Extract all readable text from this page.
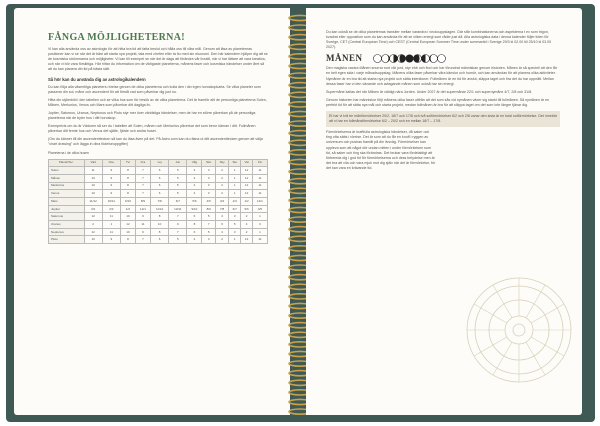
FÅNGA MÖJLIGHETERNA!
Vi kan alla använda oss av astrologin för att hitta bra tid att fatta beslut och hålla oss till våra mål. Genom att läsa av planeternas positioner kan vi se när det är bäst att starta nya projekt, tala med chefen eller ta itu med sin ekonomi. Den här kalendern hjälper dig att se de kosmiska strömmarna och möjligheter. Vi kan till exempel se när det är dags att förändra vår livsstil, när vi har lättare att vara kreativa, och när vi bör vara försiktiga. Här hittar du information om de viktigaste planeterna, månens faser och kosmiska händelser under året så att du kan planera din tid på bästa sätt.
Så hör kan du använda dig av astrologikalendern
Du kan följa alla väsentliga planeters rörelse genom de olika planeterna och kolla den i din egen horoskopkarta. Se vilka planeter som passerar din sol, måne och ascendent för att förstå vad som påverkar dig just nu.
Hitta din stjärnbild i den tabellen och se vilka hus som för besök av de olika planeterna. Det är framför allt de personliga planeterna Solen, Månen, Merkurius, Venus och Mars som påverkar ditt dagliga liv.
Jupiter, Saturnus, Uranus, Neptunus och Pluto styr mer över världsliga händelser, men de har en större påverkan på de personliga planeterna när de byter hus i ditt horoskop.
Exempelvis om du är Väduren så ser du i tabellen att Solen, månen och Merkurius påverkar det som beror kärnan i ditt. Fullmånen påverkar ditt femte hus och Venus det sjätte, fjärde och andra huset.
(Om du känner till din ascendenttecken så kan du läsa även på det. På Astro.com kan du räkna ut ditt ascendenttecken genom att välja "chart drawing" och lägga in dina födelseuppgifter)
Planeterna i de olika husen
Planet/Tec.	Väd	Oxe	Tvi	Kra	Lej	Jun	Våg	Sko	Sky	Ste	Vat	Fis
Solen	11	9	8	7	6	5	4	3	2	1	12	11
Månen	10	9	8	7	6	5	4	3	2	1	12	11
Merkurius	10	9	8	7	6	5	4	3	2	1	12	11
Venus	10	9	8	7	6	5	4	3	2	1	12	11
Mars	11/12	10/11	9/10	8/9	7/8	6/7	5/6	4/5	3/4	2/3	1/2	12/1
Jupiter	3/4	2/3	1/2	12/1	11/12	10/11	9/10	8/9	7/8	6/7	5/6	4/5
Saturnus	12	11	10	9	8	7	6	5	4	3	2	1
Uranus	2	1	12	11	10	9	8	7	6	5	4	3
Neptunus	12	11	10	9	8	7	6	5	4	3	2	1
Pluto	10	9	8	7	6	5	4	3	2	1	12	11
Du kan också se de olika planeternas transiter mellan varandra i veckouppslagen. Där står kombinationerna och aspekterna t ex som trigon, kvadrat eller opposition som du kan använda för att se vilken energi som råder just då. Alla astrologiska data i denna kalender följer tiden för Sverige, CET (Central European Time) och CEST (Central European Summer Time under sommartid i Sverige 29/3 kl 02.00 till 25/10 kl 03.00 2027).
MÅNEN
Den magiska vackra Månen snurrar runt vår jord, styr ebb och flod och har förundrat människan genom historien. Månen är så speciell att den får en helt egen sida i varje månadsuppslag. Månens olika faser påverkar våra känslor och humör, och kan användas för att planera olika aktiviteter. Nymånen är en bra tid att starta nya projekt och sätta intentioner. Fullmånen är en tid för avslut, släppa taget och fira det du har uppnått. Mellan dessa faser har vi den växande och avtagande månen som också har sin energi.
Supermåne kallas det när Månen är väldigt nära Jorden. Under 2027 är det supermånar 22/1 och supernymåne 4/7, 2/8 och 31/8.
Genom historien har människor följt månens olika faser utifrån att det som sås vid nymånen växer sig starkt till fullmånen. Så nymånen är en perfekt tid för att sätta nya mål och starta projekt, medan fullmånen är bra för att släppa taget om det som inte längre tjänar dig.
Et har vi två tre månförmörkelser 20/2, 18/7 och 17/8 och två solförmörkelser 6/2 och 2/8 varav den sista är en total solförmörkelse. Det innebär att vi har en fullmånsförmörkelse 6/2 – 20/2 och en mellan 18/7 – 17/8.
Förmörkelserna är kraftfulla astrologiska händelser, då saker och ting ofta sätts i rörelse. Det är som att du får en knuff i ryggen av universum och pushas framåt på din livsväg. Förmörkelser kan uppleva som att något dör undan mitten i under förmörkelsen som tid, så saker och ting ska förändras. Det brukar vara fördelaktigt att förbereda dig i god tid för förmörkelserna och dess betydelse men är det bra att vila och vara mjuk mot dig själv när det är förmörkelse, för det kan vara en krävande tid.
